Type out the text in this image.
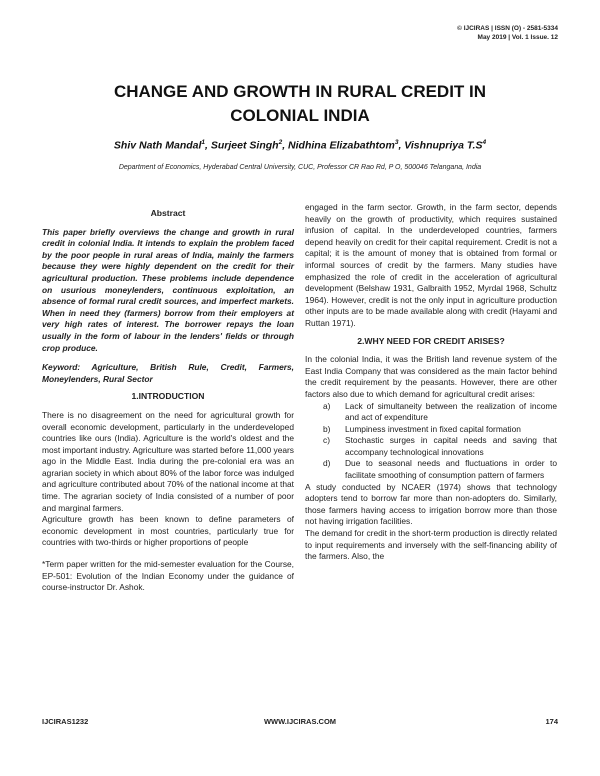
© IJCIRAS | ISSN (O) - 2581-5334
May 2019 | Vol. 1 Issue. 12
CHANGE AND GROWTH IN RURAL CREDIT IN
COLONIAL INDIA
Shiv Nath Mandal$^1$, Surjeet Singh$^2$, Nidhina Elizabathtom$^3$, Vishnupriya $T.S^4$
Department of Economics, Hyderabad Central University, CUC, Professor CR Rao Rd, P O, 500046 Telangana, India
Abstract

This paper briefly overviews the change and growth in rural credit in colonial India. It intends to explain the problem faced by the poor people in rural areas of India, mainly the farmers because they were highly dependent on the credit for their agricultural production. These problems include dependence on usurious moneylenders, continuous exploitation, an absence of formal rural credit sources, and imperfect markets. When in need they (farmers) borrow from their employers at very high rates of interest. The borrower repays the loan usually in the form of labour in the lenders' fields or through crop produce.

Keyword: Agriculture, British Rule, Credit, Farmers, Moneylenders, Rural Sector

1.INTRODUCTION

There is no disagreement on the need for agricultural growth for overall economic development, particularly in the underdeveloped countries like ours (India). Agriculture is the world's oldest and the most important industry. Agriculture was started before 11,000 years ago in the Middle East. India during the pre-colonial era was an agrarian society in which about 80% of the labor force was indulged and agriculture contributed about 70% of the national income at that time. The agrarian society of India consisted of a number of poor and marginal farmers.

Agriculture growth has been known to define parameters of economic development in most countries, particularly true for countries with two-thirds or higher proportions of people

*Term paper written for the mid-semester evaluation for the Course, EP-501: Evolution of the Indian Economy under the guidance of course-instructor Dr. Ashok.

engaged in the farm sector. Growth, in the farm sector, depends heavily on the growth of productivity, which requires sustained infusion of capital. In the underdeveloped countries, farmers depend heavily on credit for their capital requirement. Credit is not a capital; it is the amount of money that is obtained from formal or informal sources of credit by the farmers. Many studies have emphasized the role of credit in the acceleration of agricultural development (Belshaw 1931, Galbraith 1952, Myrdal 1968, Schultz 1964). However, credit is not the only input in agriculture production other inputs are to be made available along with credit (Hayami and Ruttan 1971).

2.WHY NEED FOR CREDIT ARISES?

In the colonial India, it was the British land revenue system of the East India Company that was considered as the main factor behind the credit requirement by the peasants. However, there are other factors also due to which demand for agricultural credit arises:

a)	Lack of simultaneity between the realization of income and act of expenditure
b)	Lumpiness investment in fixed capital formation
c)	Stochastic surges in capital needs and saving that accompany technological innovations
d)	Due to seasonal needs and fluctuations in order to facilitate smoothing of consumption pattern of farmers

A study conducted by NCAER (1974) shows that technology adopters tend to borrow far more than non-adopters do. Similarly, those farmers having access to irrigation borrow more than those not having irrigation facilities.

The demand for credit in the short-term production is directly related to input requirements and inversely with the self-financing ability of the farmers. Also, the

IJCIRAS1232	WWW.IJCIRAS.COM	174
